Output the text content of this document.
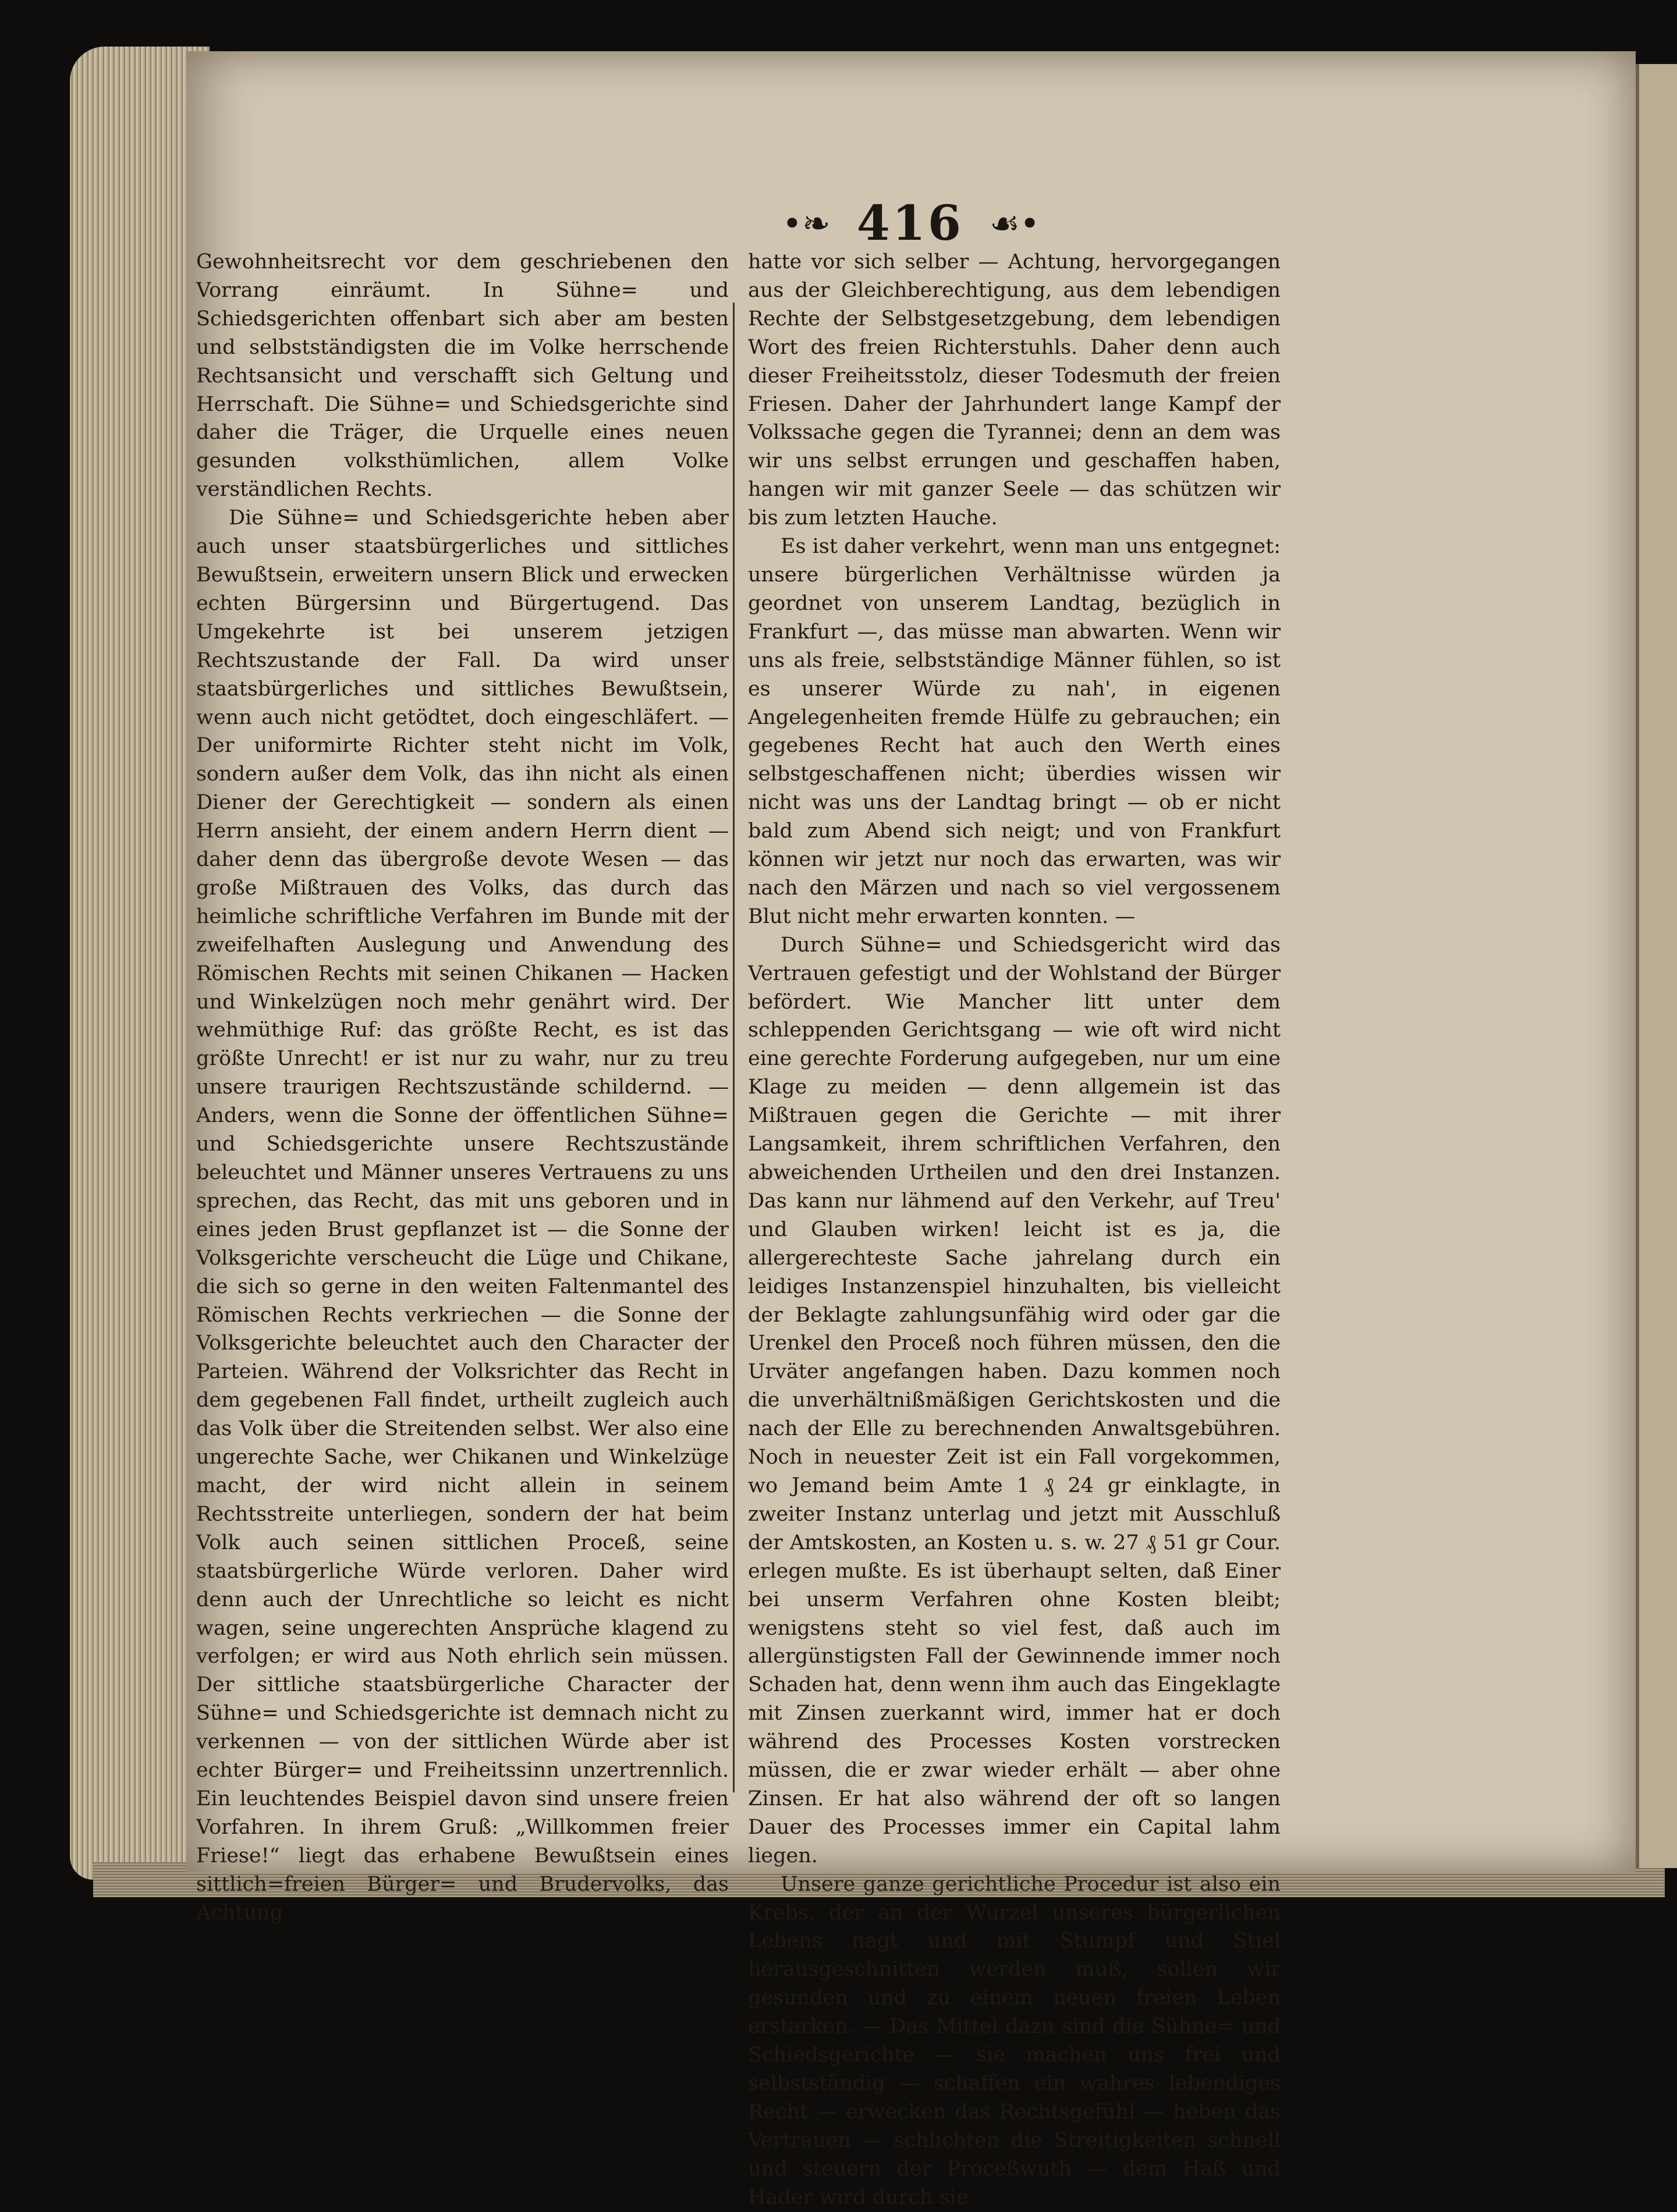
•❧ 416 ☙•

Gewohnheitsrecht vor dem geschriebenen den Vorrang einräumt. In Sühne= und Schiedsgerichten offenbart sich aber am besten und selbstständigsten die im Volke herrschende Rechtsansicht und verschafft sich Geltung und Herrschaft. Die Sühne= und Schiedsgerichte sind daher die Träger, die Urquelle eines neuen gesunden volksthümlichen, allem Volke verständlichen Rechts.

Die Sühne= und Schiedsgerichte heben aber auch unser staatsbürgerliches und sittliches Bewußtsein, erweitern unsern Blick und erwecken echten Bürgersinn und Bürgertugend. Das Umgekehrte ist bei unserem jetzigen Rechtszustande der Fall. Da wird unser staatsbürgerliches und sittliches Bewußtsein, wenn auch nicht getödtet, doch eingeschläfert. — Der uniformirte Richter steht nicht im Volk, sondern außer dem Volk, das ihn nicht als einen Diener der Gerechtigkeit — sondern als einen Herrn ansieht, der einem andern Herrn dient — daher denn das übergroße devote Wesen — das große Mißtrauen des Volks, das durch das heimliche schriftliche Verfahren im Bunde mit der zweifelhaften Auslegung und Anwendung des Römischen Rechts mit seinen Chikanen — Hacken und Winkelzügen noch mehr genährt wird. Der wehmüthige Ruf: das größte Recht, es ist das größte Unrecht! er ist nur zu wahr, nur zu treu unsere traurigen Rechtszustände schildernd. — Anders, wenn die Sonne der öffentlichen Sühne= und Schiedsgerichte unsere Rechtszustände beleuchtet und Männer unseres Vertrauens zu uns sprechen, das Recht, das mit uns geboren und in eines jeden Brust gepflanzet ist — die Sonne der Volksgerichte verscheucht die Lüge und Chikane, die sich so gerne in den weiten Faltenmantel des Römischen Rechts verkriechen — die Sonne der Volksgerichte beleuchtet auch den Character der Parteien. Während der Volksrichter das Recht in dem gegebenen Fall findet, urtheilt zugleich auch das Volk über die Streitenden selbst. Wer also eine ungerechte Sache, wer Chikanen und Winkelzüge macht, der wird nicht allein in seinem Rechtsstreite unterliegen, sondern der hat beim Volk auch seinen sittlichen Proceß, seine staatsbürgerliche Würde verloren. Daher wird denn auch der Unrechtliche so leicht es nicht wagen, seine ungerechten Ansprüche klagend zu verfolgen; er wird aus Noth ehrlich sein müssen. Der sittliche staatsbürgerliche Character der Sühne= und Schiedsgerichte ist demnach nicht zu verkennen — von der sittlichen Würde aber ist echter Bürger= und Freiheitssinn unzertrennlich. Ein leuchtendes Beispiel davon sind unsere freien Vorfahren. In ihrem Gruß: „Willkommen freier Friese!“ liegt das erhabene Bewußtsein eines sittlich=freien Bürger= und Brudervolks, das Achtung

hatte vor sich selber — Achtung, hervorgegangen aus der Gleichberechtigung, aus dem lebendigen Rechte der Selbstgesetzgebung, dem lebendigen Wort des freien Richterstuhls. Daher denn auch dieser Freiheitsstolz, dieser Todesmuth der freien Friesen. Daher der Jahrhundert lange Kampf der Volkssache gegen die Tyrannei; denn an dem was wir uns selbst errungen und geschaffen haben, hangen wir mit ganzer Seele — das schützen wir bis zum letzten Hauche.

Es ist daher verkehrt, wenn man uns entgegnet: unsere bürgerlichen Verhältnisse würden ja geordnet von unserem Landtag, bezüglich in Frankfurt —, das müsse man abwarten. Wenn wir uns als freie, selbstständige Männer fühlen, so ist es unserer Würde zu nah', in eigenen Angelegenheiten fremde Hülfe zu gebrauchen; ein gegebenes Recht hat auch den Werth eines selbstgeschaffenen nicht; überdies wissen wir nicht was uns der Landtag bringt — ob er nicht bald zum Abend sich neigt; und von Frankfurt können wir jetzt nur noch das erwarten, was wir nach den Märzen und nach so viel vergossenem Blut nicht mehr erwarten konnten. —

Durch Sühne= und Schiedsgericht wird das Vertrauen gefestigt und der Wohlstand der Bürger befördert. Wie Mancher litt unter dem schleppenden Gerichtsgang — wie oft wird nicht eine gerechte Forderung aufgegeben, nur um eine Klage zu meiden — denn allgemein ist das Mißtrauen gegen die Gerichte — mit ihrer Langsamkeit, ihrem schriftlichen Verfahren, den abweichenden Urtheilen und den drei Instanzen. Das kann nur lähmend auf den Verkehr, auf Treu' und Glauben wirken! leicht ist es ja, die allergerechteste Sache jahrelang durch ein leidiges Instanzenspiel hinzuhalten, bis vielleicht der Beklagte zahlungsunfähig wird oder gar die Urenkel den Proceß noch führen müssen, den die Urväter angefangen haben. Dazu kommen noch die unverhältnißmäßigen Gerichtskosten und die nach der Elle zu berechnenden Anwaltsgebühren. Noch in neuester Zeit ist ein Fall vorgekommen, wo Jemand beim Amte 1 ₰ 24 gr einklagte, in zweiter Instanz unterlag und jetzt mit Ausschluß der Amtskosten, an Kosten u. s. w. 27 ₰ 51 gr Cour. erlegen mußte. Es ist überhaupt selten, daß Einer bei unserm Verfahren ohne Kosten bleibt; wenigstens steht so viel fest, daß auch im allergünstigsten Fall der Gewinnende immer noch Schaden hat, denn wenn ihm auch das Eingeklagte mit Zinsen zuerkannt wird, immer hat er doch während des Processes Kosten vorstrecken müssen, die er zwar wieder erhält — aber ohne Zinsen. Er hat also während der oft so langen Dauer des Processes immer ein Capital lahm liegen.

Unsere ganze gerichtliche Procedur ist also ein Krebs, der an der Wurzel unseres bürgerlichen Lebens nagt und mit Stumpf und Stiel herausgeschnitten werden muß, sollen wir gesunden und zu einem neuen freien Leben erstarken. — Das Mittel dazu sind die Sühne= und Schiedsgerichte — sie machen uns frei und selbstständig — schaffen ein wahres lebendiges Recht — erwecken das Rechtsgefühl — heben das Vertrauen — schlichten die Streitigkeiten schnell und steuern der Proceßwuth — dem Haß und Hader wird durch sie
